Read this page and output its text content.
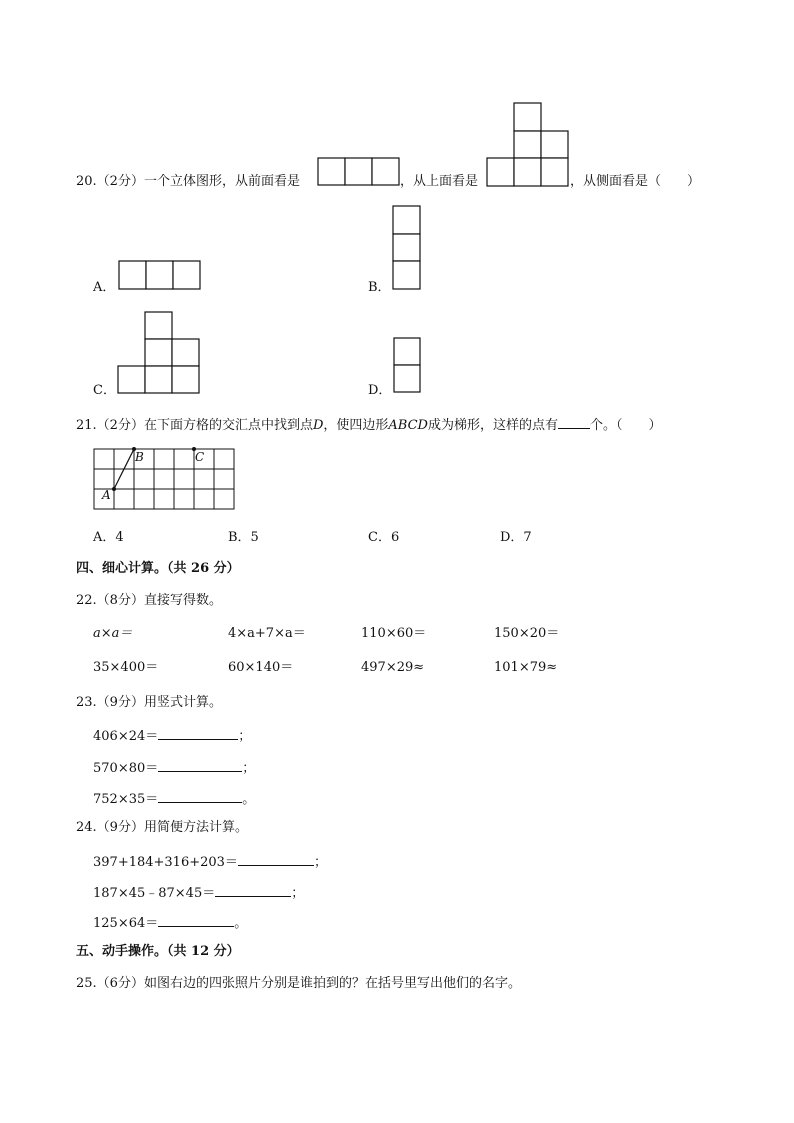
20.（2分）一个立体图形，从前面看是	，从上面看是	，从侧面看是（　　）
A．	B．
C．	D．
21.（2分）在下面方格的交汇点中找到点D，使四边形ABCD成为梯形，这样的点有 个。（　　）
A
B	C
A．4	B．5	C．6	D．7
四、细心计算。（共 26 分）
22.（8分）直接写得数。
a×a＝	4×a+7×a＝	110×60＝	150×20＝
35×400＝	60×140＝	497×29≈	101×79≈
23.（9分）用竖式计算。
406×24＝	；
570×80＝	；
752×35＝	。
24.（9分）用简便方法计算。
397+184+316+203＝	；
187×45﹣87×45＝	；
125×64＝	。
五、动手操作。（共 12 分）
25.（6分）如图右边的四张照片分别是谁拍到的？在括号里写出他们的名字。
